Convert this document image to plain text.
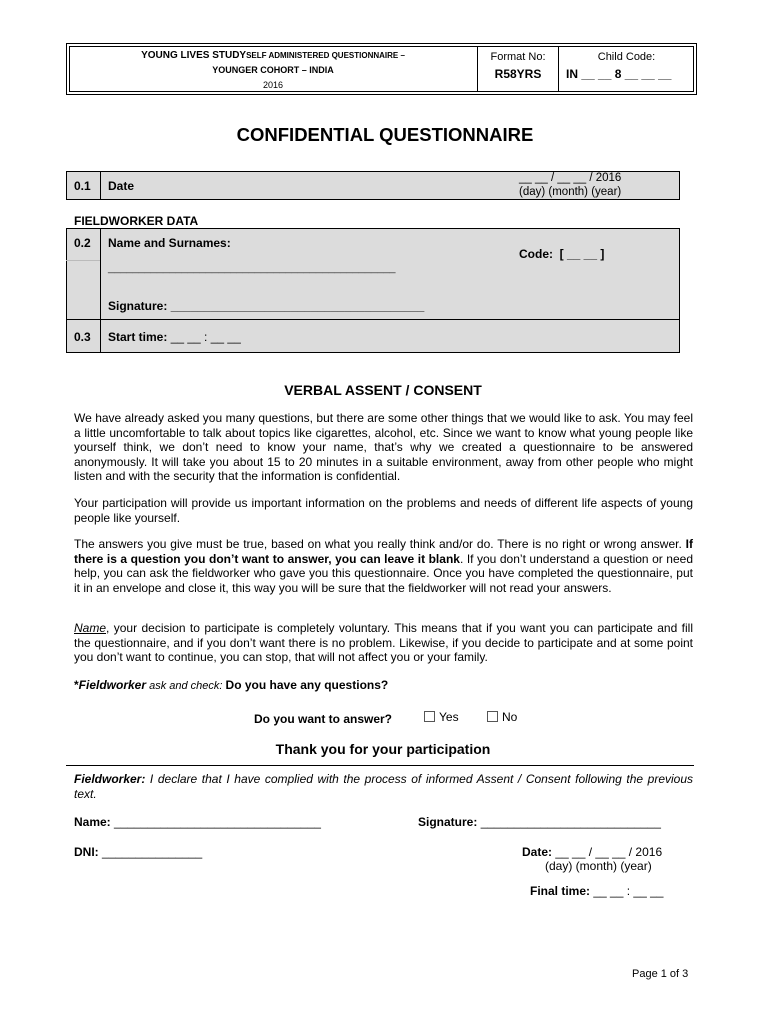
YOUNG LIVES STUDYSELF ADMINISTERED QUESTIONNAIRE –
YOUNGER COHORT – INDIA
2016
Format No:
R58YRS
Child Code:
IN __ __ 8 __ __ __
CONFIDENTIAL QUESTIONNAIRE
0.1 Date
__ __ / __ __ / 2016
(day) (month) (year)
FIELDWORKER DATA
0.2 Name and Surnames:
_______________________________________________
Code: [ __ __ ]
Signature: ______________________________________
0.3 Start time: __ __ : __ __
VERBAL ASSENT / CONSENT
We have already asked you many questions, but there are some other things that we would like to ask. You may feel a little uncomfortable to talk about topics like cigarettes, alcohol, etc. Since we want to know what young people like yourself think, we don’t need to know your name, that’s why we created a questionnaire to be answered anonymously. It will take you about 15 to 20 minutes in a suitable environment, away from other people who might listen and with the security that the information is confidential.
Your participation will provide us important information on the problems and needs of different life aspects of young people like yourself.
The answers you give must be true, based on what you really think and/or do. There is no right or wrong answer. If there is a question you don’t want to answer, you can leave it blank. If you don’t understand a question or need help, you can ask the fieldworker who gave you this questionnaire. Once you have completed the questionnaire, put it in an envelope and close it, this way you will be sure that the fieldworker will not read your answers.
Name, your decision to participate is completely voluntary. This means that if you want you can participate and fill the questionnaire, and if you don’t want there is no problem. Likewise, if you decide to participate and at some point you don’t want to continue, you can stop, that will not affect you or your family.
*Fieldworker ask and check: Do you have any questions?
Do you want to answer?	Yes	No
Thank you for your participation
Fieldworker: I declare that I have complied with the process of informed Assent / Consent following the previous text.
Name: _______________________________	Signature: ___________________________
DNI: _______________	Date: __ __ / __ __ / 2016
(day) (month) (year)
Final time: __ __ : __ __
Page 1 of 3
